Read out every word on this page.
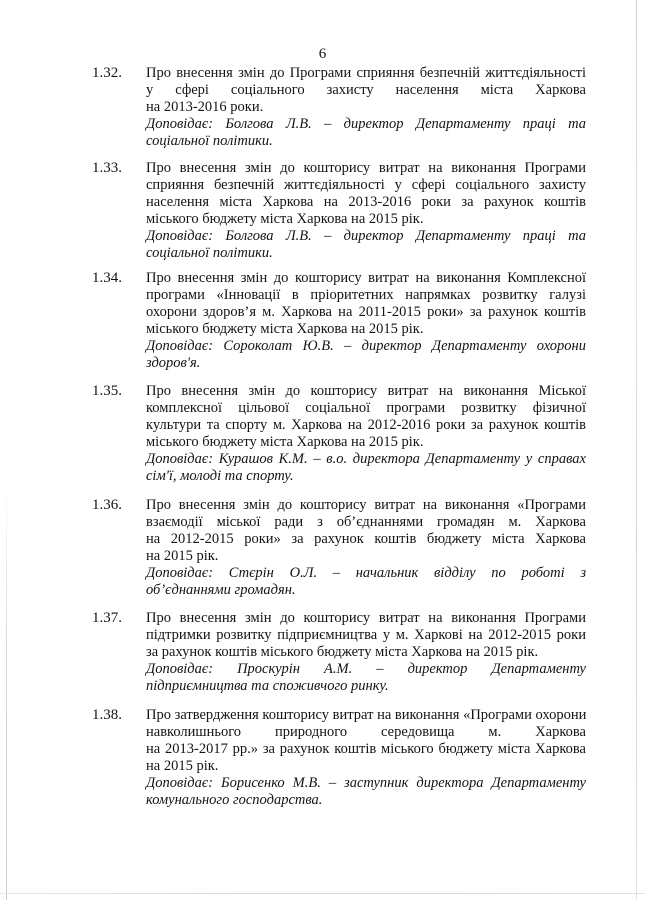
6
1.32. Про внесення змін до Програми сприяння безпечній життєдіяльності
у сфері соціального захисту населення міста Харкова
на 2013-2016 роки.
Доповідає: Болгова Л.В. – директор Департаменту праці та
соціальної політики.
1.33. Про внесення змін до кошторису витрат на виконання Програми
сприяння безпечній життєдіяльності у сфері соціального захисту
населення міста Харкова на 2013-2016 роки за рахунок коштів
міського бюджету міста Харкова на 2015 рік.
Доповідає: Болгова Л.В. – директор Департаменту праці та
соціальної політики.
1.34. Про внесення змін до кошторису витрат на виконання Комплексної
програми «Інновації в пріоритетних напрямках розвитку галузі
охорони здоров’я м. Харкова на 2011-2015 роки» за рахунок коштів
міського бюджету міста Харкова на 2015 рік.
Доповідає: Сороколат Ю.В. – директор Департаменту охорони
здоров'я.
1.35. Про внесення змін до кошторису витрат на виконання Міської
комплексної цільової соціальної програми розвитку фізичної
культури та спорту м. Харкова на 2012-2016 роки за рахунок коштів
міського бюджету міста Харкова на 2015 рік.
Доповідає: Курашов К.М. – в.о. директора Департаменту у справах
сім'ї, молоді та спорту.
1.36. Про внесення змін до кошторису витрат на виконання «Програми
взаємодії міської ради з об’єднаннями громадян м. Харкова
на 2012-2015 роки» за рахунок коштів бюджету міста Харкова
на 2015 рік.
Доповідає: Стєрін О.Л. – начальник відділу по роботі з
об’єднаннями громадян.
1.37. Про внесення змін до кошторису витрат на виконання Програми
підтримки розвитку підприємництва у м. Харкові на 2012-2015 роки
за рахунок коштів міського бюджету міста Харкова на 2015 рік.
Доповідає: Проскурін А.М. – директор Департаменту
підприємництва та споживчого ринку.
1.38. Про затвердження кошторису витрат на виконання «Програми охорони
навколишнього природного середовища м. Харкова
на 2013-2017 рр.» за рахунок коштів міського бюджету міста Харкова
на 2015 рік.
Доповідає: Борисенко М.В. – заступник директора Департаменту
комунального господарства.
